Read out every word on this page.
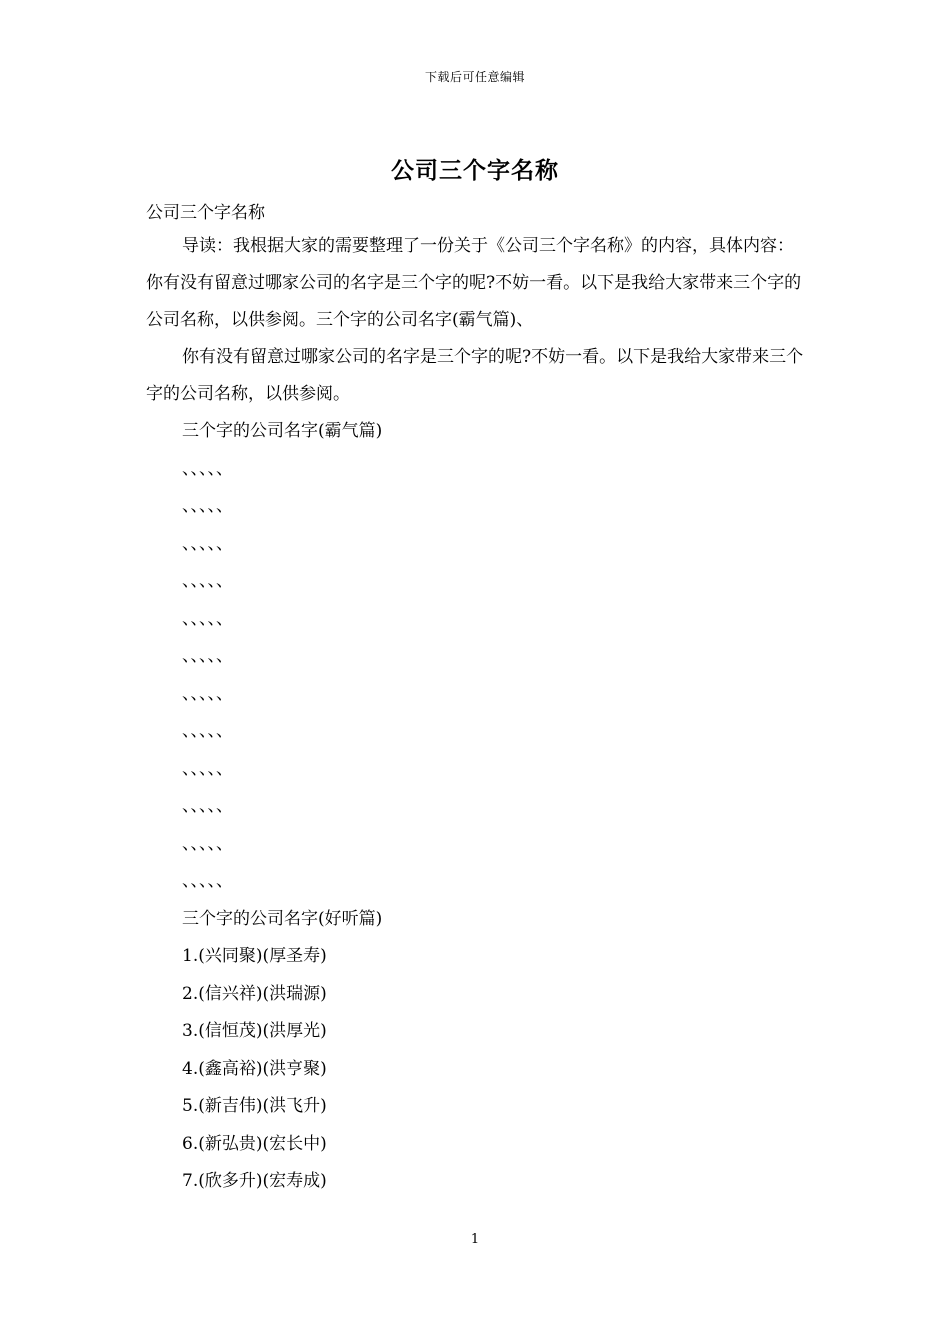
下载后可任意编辑
公司三个字名称
公司三个字名称

导读：我根据大家的需要整理了一份关于《公司三个字名称》的内容，具体内容：你有没有留意过哪家公司的名字是三个字的呢?不妨一看。以下是我给大家带来三个字的公司名称，以供参阅。三个字的公司名字(霸气篇)、

你有没有留意过哪家公司的名字是三个字的呢?不妨一看。以下是我给大家带来三个字的公司名称，以供参阅。

三个字的公司名字(霸气篇)
、、、、、
、、、、、
、、、、、
、、、、、
、、、、、
、、、、、
、、、、、
、、、、、
、、、、、
、、、、、
、、、、、
、、、、、
三个字的公司名字(好听篇)
1.(兴同聚)(厚圣寿)
2.(信兴祥)(洪瑞源)
3.(信恒茂)(洪厚光)
4.(鑫高裕)(洪亨聚)
5.(新吉伟)(洪飞升)
6.(新弘贵)(宏长中)
7.(欣多升)(宏寿成)
1
